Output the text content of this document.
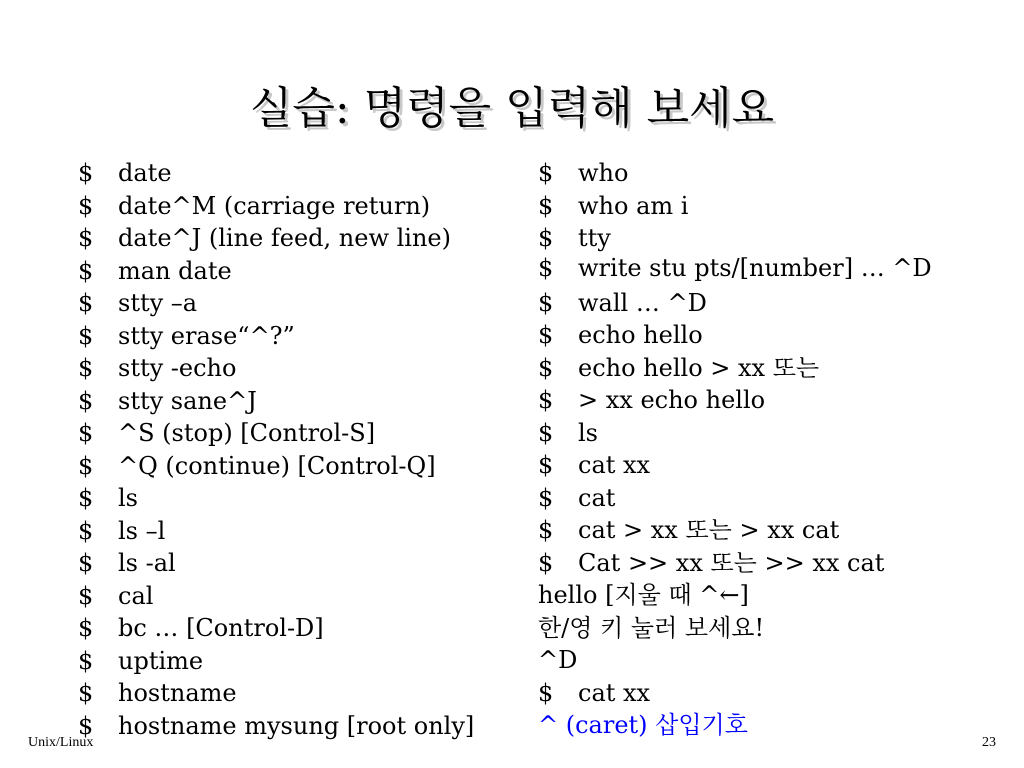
실습: 명령을 입력해 보세요
$ date
$ date^M (carriage return)
$ date^J (line feed, new line)
$ man date
$ stty –a
$ stty erase“^?”
$ stty -echo
$ stty sane^J
$ ^S (stop) [Control-S]
$ ^Q (continue) [Control-Q]
$ ls
$ ls –l
$ ls -al
$ cal
$ bc … [Control-D]
$ uptime
$ hostname
$ hostname mysung [root only]
$ who
$ who am i
$ tty
$ write stu pts/[number] … ^D
$ wall … ^D
$ echo hello
$ echo hello > xx 또는
$ > xx echo hello
$ ls
$ cat xx
$ cat
$ cat > xx 또는 > xx cat
$ Cat >> xx 또는 >> xx cat
hello [지울 때 ^←]
한/영 키 눌러 보세요!
^D
$ cat xx
^ (caret) 삽입기호
Unix/Linux	23
